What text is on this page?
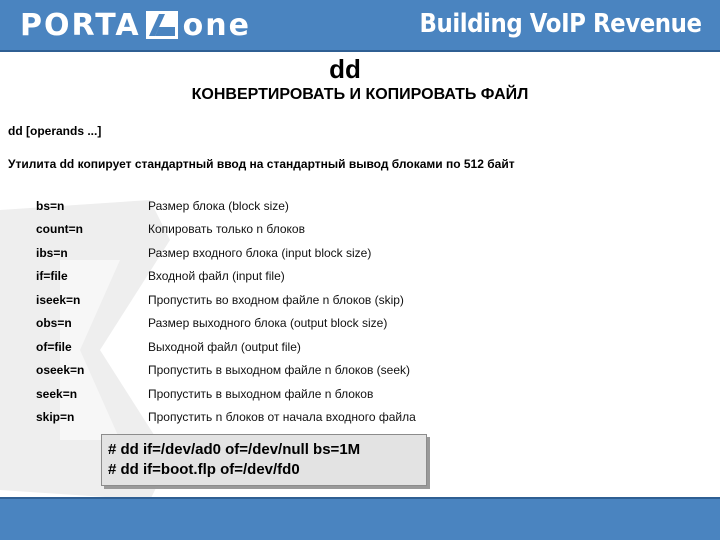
PORTA one	Building VoIP Revenue
dd
КОНВЕРТИРОВАТЬ И КОПИРОВАТЬ ФАЙЛ
dd [operands ...]
Утилита dd копирует стандартный ввод на стандартный вывод блоками по 512 байт
bs=n	Размер блока (block size)
count=n	Копировать только n блоков
ibs=n	Размер входного блока (input block size)
if=file	Входной файл (input file)
iseek=n	Пропустить во входном файле n блоков (skip)
obs=n	Размер выходного блока (output block size)
of=file	Выходной файл (output file)
oseek=n	Пропустить в выходном файле n блоков (seek)
seek=n	Пропустить в выходном файле n блоков
skip=n	Пропустить n блоков от начала входного файла
# dd if=/dev/ad0 of=/dev/null bs=1M
# dd if=boot.flp of=/dev/fd0
